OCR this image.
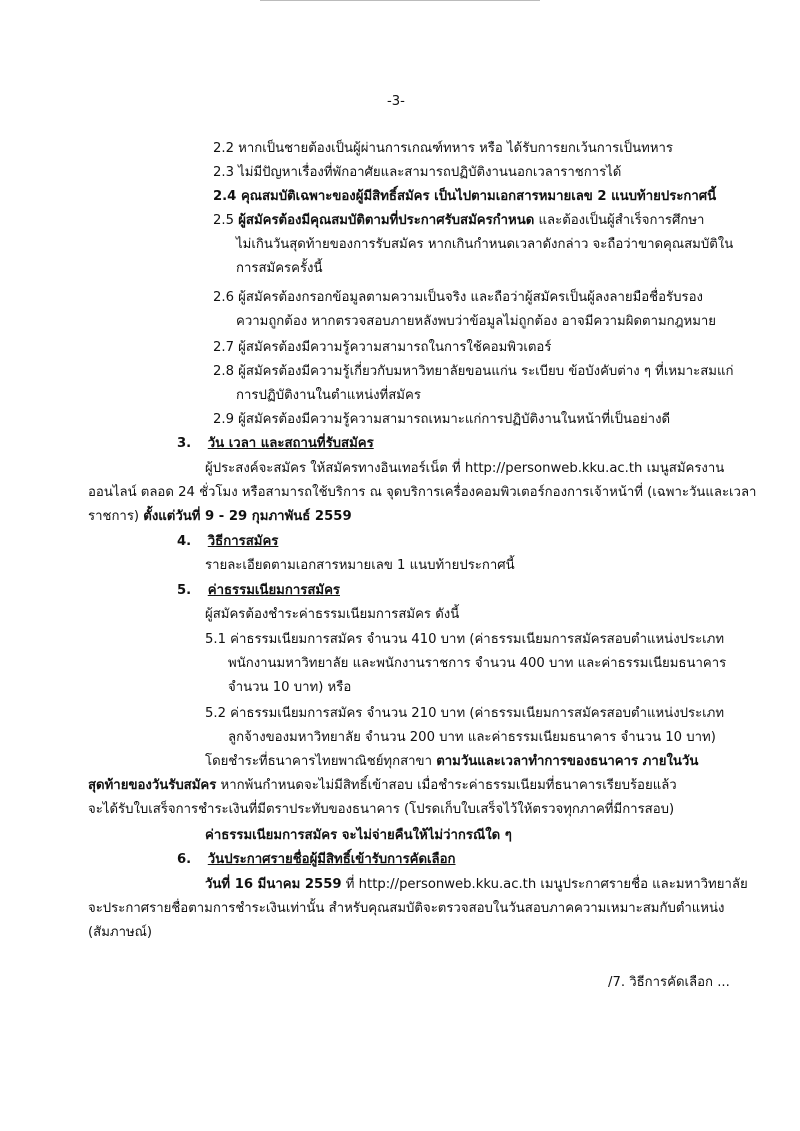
-3-
2.2 หากเป็นชายต้องเป็นผู้ผ่านการเกณฑ์ทหาร หรือ ได้รับการยกเว้นการเป็นทหาร
2.3 ไม่มีปัญหาเรื่องที่พักอาศัยและสามารถปฏิบัติงานนอกเวลาราชการได้
2.4 คุณสมบัติเฉพาะของผู้มีสิทธิ์สมัคร เป็นไปตามเอกสารหมายเลข 2 แนบท้ายประกาศนี้
2.5 ผู้สมัครต้องมีคุณสมบัติตามที่ประกาศรับสมัครกำหนด และต้องเป็นผู้สำเร็จการศึกษา
ไม่เกินวันสุดท้ายของการรับสมัคร หากเกินกำหนดเวลาดังกล่าว จะถือว่าขาดคุณสมบัติใน
การสมัครครั้งนี้
2.6 ผู้สมัครต้องกรอกข้อมูลตามความเป็นจริง และถือว่าผู้สมัครเป็นผู้ลงลายมือชื่อรับรอง
ความถูกต้อง หากตรวจสอบภายหลังพบว่าข้อมูลไม่ถูกต้อง อาจมีความผิดตามกฎหมาย
2.7 ผู้สมัครต้องมีความรู้ความสามารถในการใช้คอมพิวเตอร์
2.8 ผู้สมัครต้องมีความรู้เกี่ยวกับมหาวิทยาลัยขอนแก่น ระเบียบ ข้อบังคับต่าง ๆ ที่เหมาะสมแก่
การปฏิบัติงานในตำแหน่งที่สมัคร
2.9 ผู้สมัครต้องมีความรู้ความสามารถเหมาะแก่การปฏิบัติงานในหน้าที่เป็นอย่างดี
3. วัน เวลา และสถานที่รับสมัคร
ผู้ประสงค์จะสมัคร ให้สมัครทางอินเทอร์เน็ต ที่ http://personweb.kku.ac.th เมนูสมัครงาน
ออนไลน์ ตลอด 24 ชั่วโมง หรือสามารถใช้บริการ ณ จุดบริการเครื่องคอมพิวเตอร์กองการเจ้าหน้าที่ (เฉพาะวันและเวลา
ราชการ) ตั้งแต่วันที่ 9 - 29 กุมภาพันธ์ 2559
4. วิธีการสมัคร
รายละเอียดตามเอกสารหมายเลข 1 แนบท้ายประกาศนี้
5. ค่าธรรมเนียมการสมัคร
ผู้สมัครต้องชำระค่าธรรมเนียมการสมัคร ดังนี้
5.1 ค่าธรรมเนียมการสมัคร จำนวน 410 บาท (ค่าธรรมเนียมการสมัครสอบตำแหน่งประเภท
พนักงานมหาวิทยาลัย และพนักงานราชการ จำนวน 400 บาท และค่าธรรมเนียมธนาคาร
จำนวน 10 บาท) หรือ
5.2 ค่าธรรมเนียมการสมัคร จำนวน 210 บาท (ค่าธรรมเนียมการสมัครสอบตำแหน่งประเภท
ลูกจ้างของมหาวิทยาลัย จำนวน 200 บาท และค่าธรรมเนียมธนาคาร จำนวน 10 บาท)
โดยชำระที่ธนาคารไทยพาณิชย์ทุกสาขา ตามวันและเวลาทำการของธนาคาร ภายในวัน
สุดท้ายของวันรับสมัคร หากพ้นกำหนดจะไม่มีสิทธิ์เข้าสอบ เมื่อชำระค่าธรรมเนียมที่ธนาคารเรียบร้อยแล้ว
จะได้รับใบเสร็จการชำระเงินที่มีตราประทับของธนาคาร (โปรดเก็บใบเสร็จไว้ให้ตรวจทุกภาคที่มีการสอบ)
ค่าธรรมเนียมการสมัคร จะไม่จ่ายคืนให้ไม่ว่ากรณีใด ๆ
6. วันประกาศรายชื่อผู้มีสิทธิ์เข้ารับการคัดเลือก
วันที่ 16 มีนาคม 2559 ที่ http://personweb.kku.ac.th เมนูประกาศรายชื่อ และมหาวิทยาลัย
จะประกาศรายชื่อตามการชำระเงินเท่านั้น สำหรับคุณสมบัติจะตรวจสอบในวันสอบภาคความเหมาะสมกับตำแหน่ง
(สัมภาษณ์)
/7. วิธีการคัดเลือก ...
